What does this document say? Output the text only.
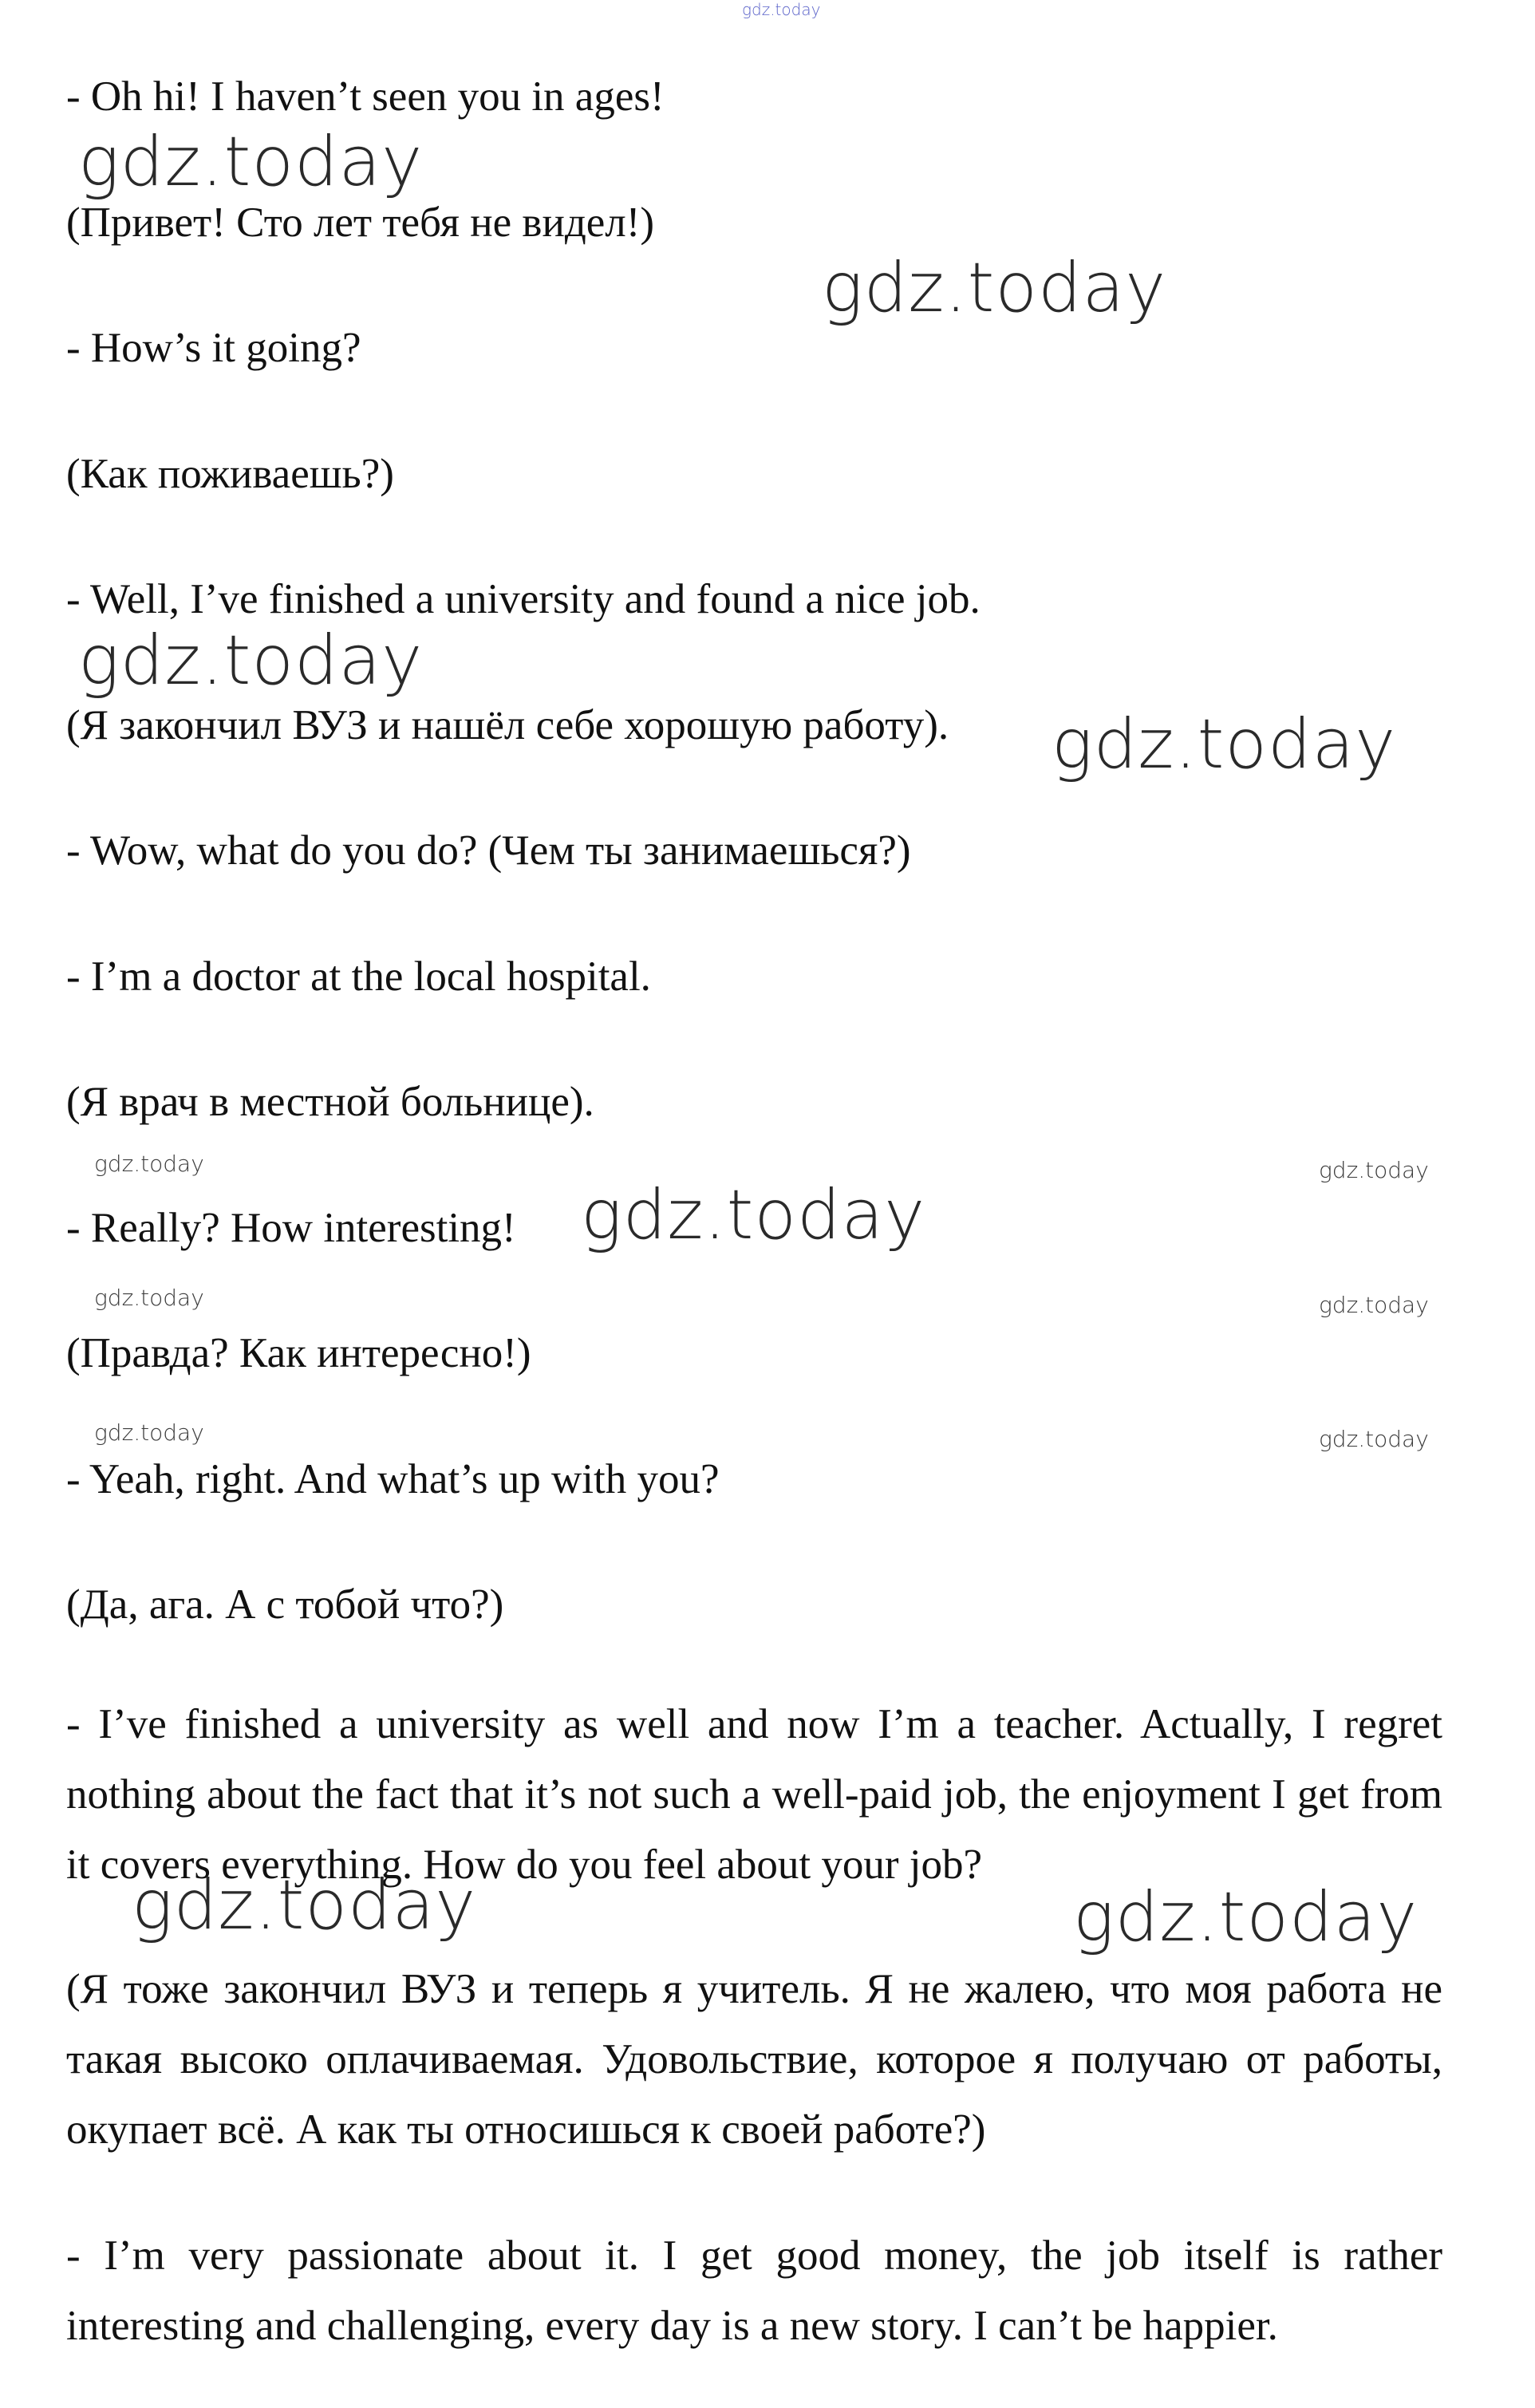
gdz.today

- Oh hi! I haven’t seen you in ages!

(Привет! Сто лет тебя не видел!)

- How’s it going?

(Как поживаешь?)

- Well, I’ve finished a university and found a nice job.

(Я закончил ВУЗ и нашёл себе хорошую работу).

- Wow, what do you do? (Чем ты занимаешься?)

- I’m a doctor at the local hospital.

(Я врач в местной больнице).

- Really? How interesting!

(Правда? Как интересно!)

- Yeah, right. And what’s up with you?

(Да, ага. А с тобой что?)

- I’ve finished a university as well and now I’m a teacher. Actually, I regret nothing about the fact that it’s not such a well-paid job, the enjoyment I get from it covers everything. How do you feel about your job?

(Я тоже закончил ВУЗ и теперь я учитель. Я не жалею, что моя работа не такая высоко оплачиваемая. Удовольствие, которое я получаю от работы, окупает всё. А как ты относишься к своей работе?)

- I’m very passionate about it. I get good money, the job itself is rather interesting and challenging, every day is a new story. I can’t be happier.

gdz.today
gdz.today
gdz.today
gdz.today
gdz.today
gdz.today	gdz.today
gdz.today	gdz.today
gdz.today	gdz.today
gdz.today	gdz.today
